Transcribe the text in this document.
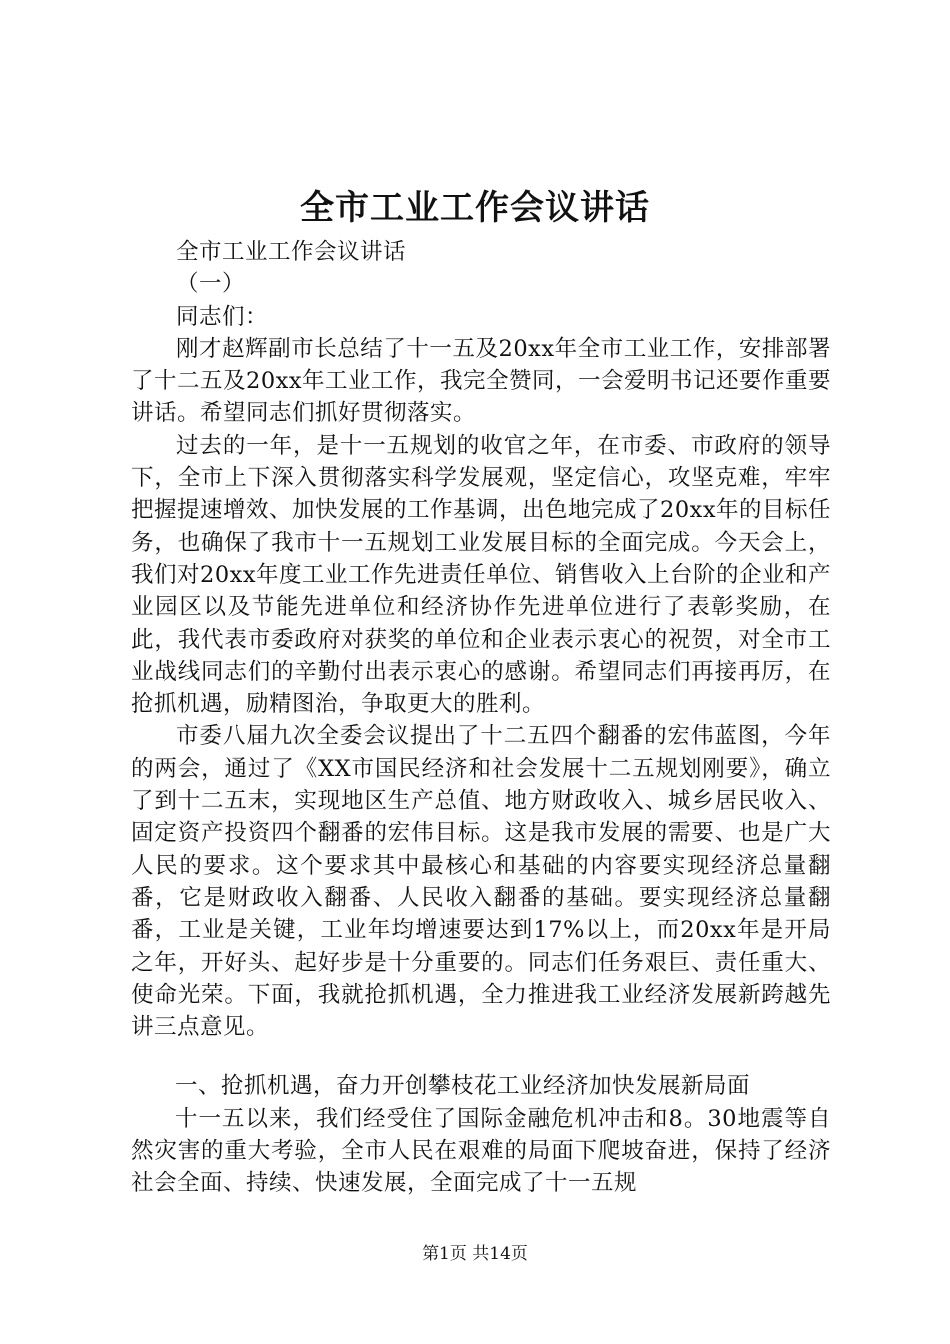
全市工业工作会议讲话

全市工业工作会议讲话

（一）

同志们：

刚才赵辉副市长总结了十一五及20xx年全市工业工作，安排部署了十二五及20xx年工业工作，我完全赞同，一会爱明书记还要作重要讲话。希望同志们抓好贯彻落实。

过去的一年，是十一五规划的收官之年，在市委、市政府的领导下，全市上下深入贯彻落实科学发展观，坚定信心，攻坚克难，牢牢把握提速增效、加快发展的工作基调，出色地完成了20xx年的目标任务，也确保了我市十一五规划工业发展目标的全面完成。今天会上，我们对20xx年度工业工作先进责任单位、销售收入上台阶的企业和产业园区以及节能先进单位和经济协作先进单位进行了表彰奖励，在此，我代表市委政府对获奖的单位和企业表示衷心的祝贺，对全市工业战线同志们的辛勤付出表示衷心的感谢。希望同志们再接再厉，在抢抓机遇，励精图治，争取更大的胜利。

市委八届九次全委会议提出了十二五四个翻番的宏伟蓝图，今年的两会，通过了《XX市国民经济和社会发展十二五规划刚要》，确立了到十二五末，实现地区生产总值、地方财政收入、城乡居民收入、固定资产投资四个翻番的宏伟目标。这是我市发展的需要、也是广大人民的要求。这个要求其中最核心和基础的内容要实现经济总量翻番，它是财政收入翻番、人民收入翻番的基础。要实现经济总量翻番，工业是关键，工业年均增速要达到17%以上，而20xx年是开局之年，开好头、起好步是十分重要的。同志们任务艰巨、责任重大、使命光荣。下面，我就抢抓机遇，全力推进我工业经济发展新跨越先讲三点意见。

一、抢抓机遇，奋力开创攀枝花工业经济加快发展新局面

十一五以来，我们经受住了国际金融危机冲击和8。30地震等自然灾害的重大考验，全市人民在艰难的局面下爬坡奋进，保持了经济社会全面、持续、快速发展，全面完成了十一五规

第1页 共14页
